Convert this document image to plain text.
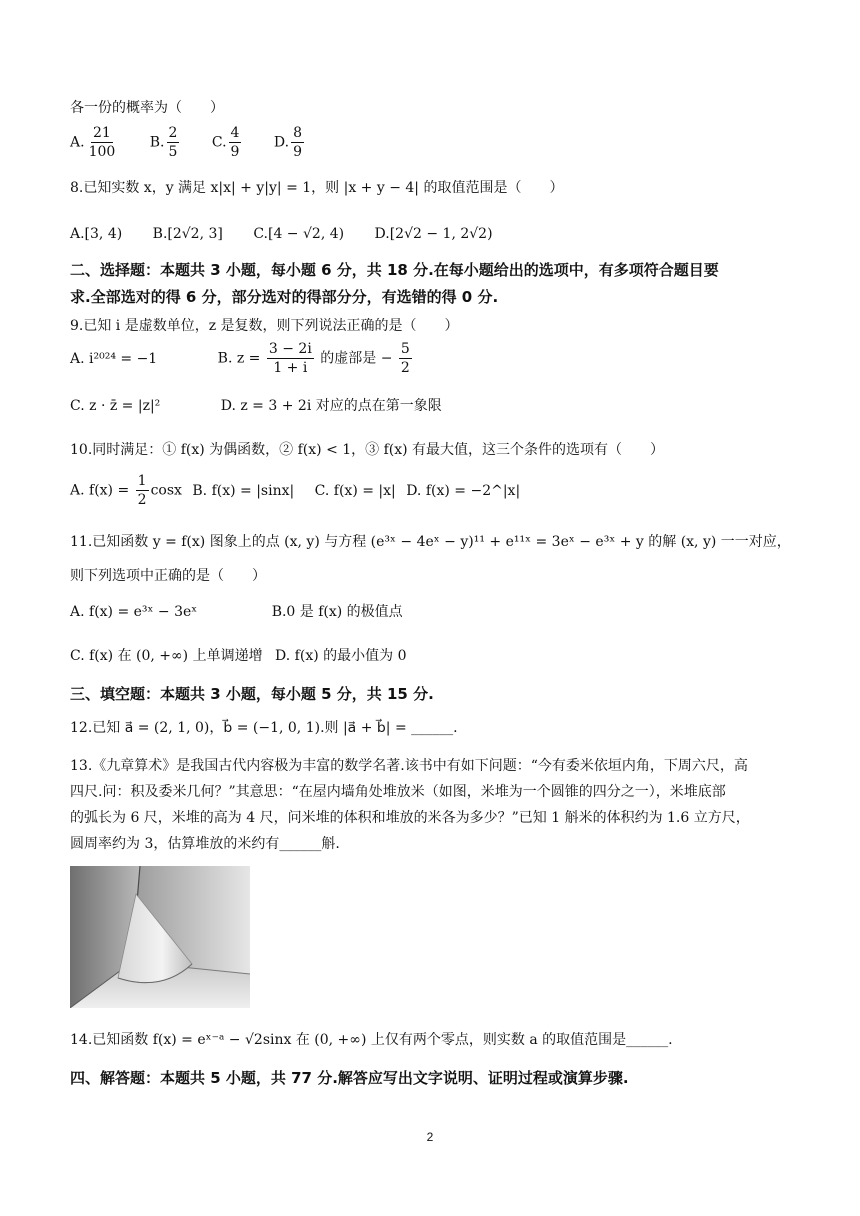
各一份的概率为（　　）
A. $\frac{21}{100} B$. $\frac{2}{5} C$. $\frac{4}{9} D$. $\frac{8}{9}$
8.已知实数 x，y 满足 x|x| + y|y| = 1，则 |x + y − 4| 的取值范围是（　　）
A.[3, 4) B.[2√2, 3] C.[4 − √2, 4) D.[2√2 − 1, 2√2)
二、选择题：本题共 3 小题，每小题 6 分，共 18 分.在每小题给出的选项中，有多项符合题目要
求.全部选对的得 6 分，部分选对的得部分分，有选错的得 0 分.
9.已知 i 是虚数单位，z 是复数，则下列说法正确的是（　　）
A. i²⁰²⁴ = −1	B. $z = \frac{3 - 2i}{1 + i}$ 的虚部是 − $\frac{5}{2}$
C. z · z̄ = |z|²	D. z = 3 + 2i 对应的点在第一象限
10.同时满足：① f(x) 为偶函数，② f(x) < 1，③ f(x) 有最大值，这三个条件的选项有（　　）
A. $f(x) = \frac{1}{2}$ cosx B. f(x) = |sinx| C. f(x) = |x| D. f(x) = −2^|x|
11.已知函数 y = f(x) 图象上的点 (x, y) 与方程 (e³ˣ − 4eˣ − y)¹¹ + e¹¹ˣ = 3eˣ − e³ˣ + y 的解 (x, y) 一一对应，
则下列选项中正确的是（　　）
A. f(x) = e³ˣ − 3eˣ	B.0 是 f(x) 的极值点
C. f(x) 在 (0, +∞) 上单调递增 D. f(x) 的最小值为 0
三、填空题：本题共 3 小题，每小题 5 分，共 15 分.
12.已知 a⃗ = (2, 1, 0)，b⃗ = (−1, 0, 1).则 |a⃗ + b⃗| = ______.
13.《九章算术》是我国古代内容极为丰富的数学名著.该书中有如下问题：“今有委米依垣内角，下周六尺，高
四尺.问：积及委米几何？”其意思：“在屋内墙角处堆放米（如图，米堆为一个圆锥的四分之一），米堆底部
的弧长为 6 尺，米堆的高为 4 尺，问米堆的体积和堆放的米各为多少？”已知 1 斛米的体积约为 1.6 立方尺，
圆周率约为 3，估算堆放的米约有______斛.
14.已知函数 f(x) = eˣ⁻ᵃ − √2sinx 在 (0, +∞) 上仅有两个零点，则实数 a 的取值范围是______.
四、解答题：本题共 5 小题，共 77 分.解答应写出文字说明、证明过程或演算步骤.
2
